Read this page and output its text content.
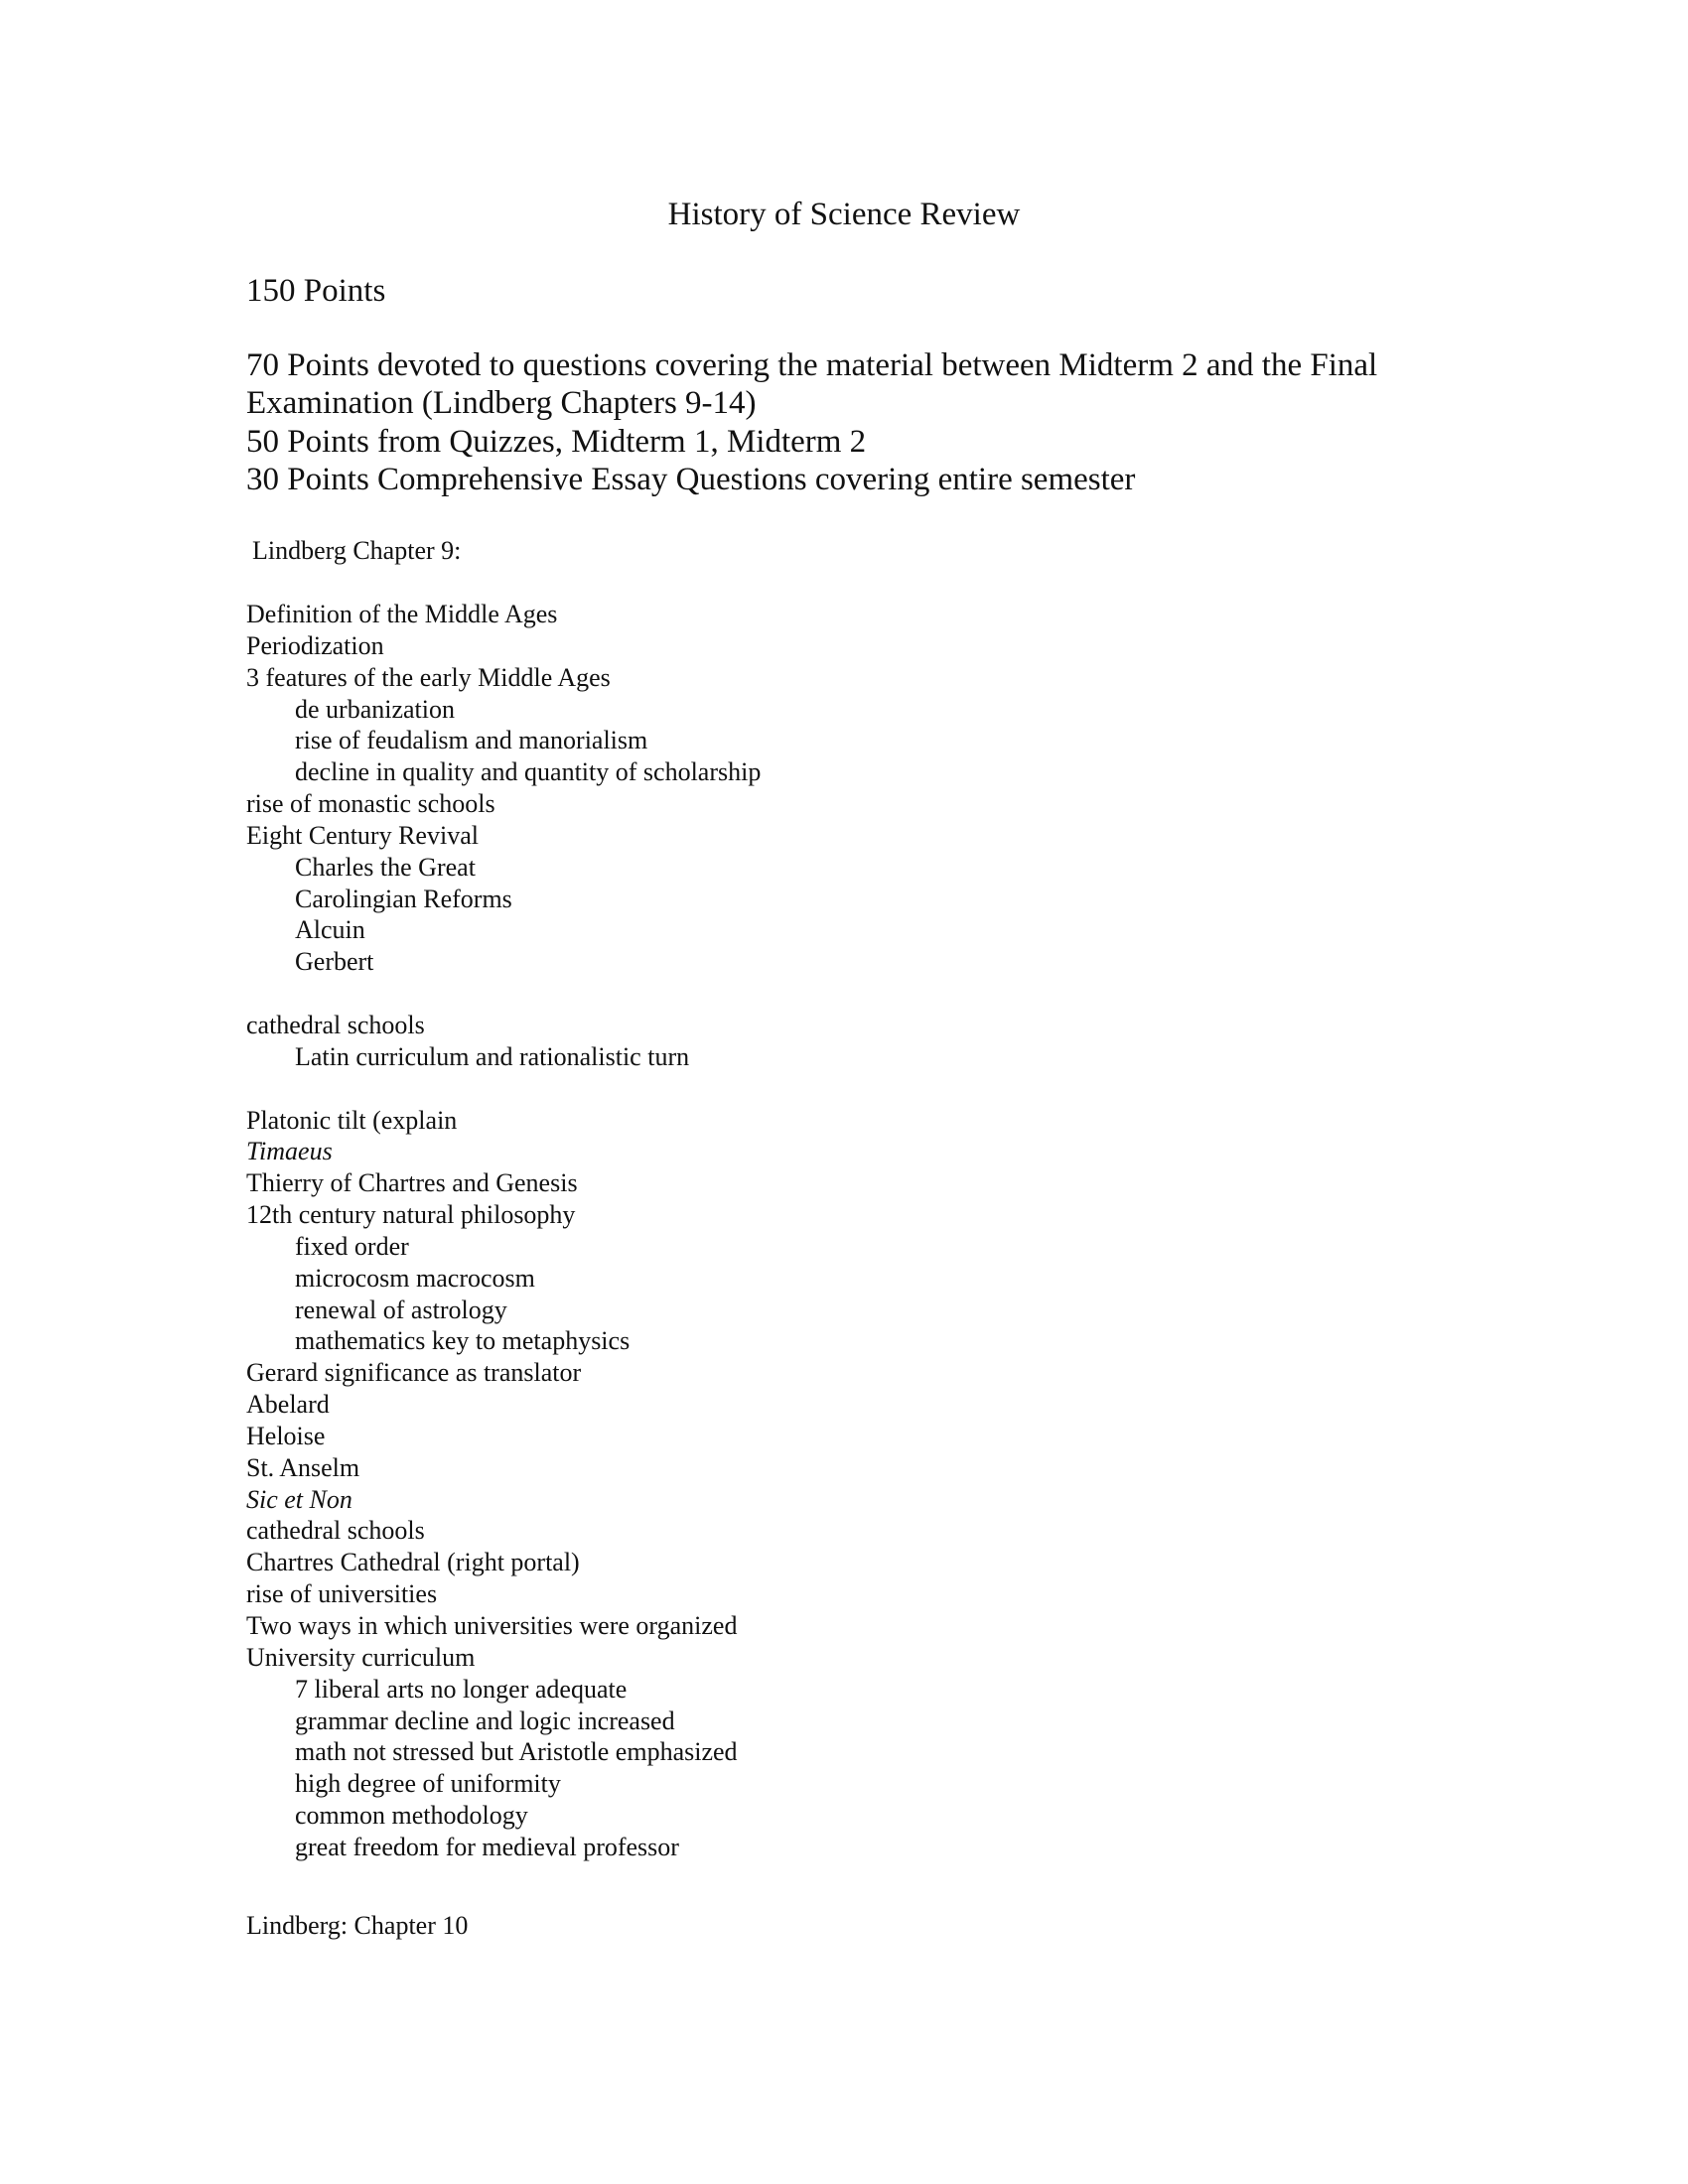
History of Science Review

150 Points

70 Points devoted to questions covering the material between Midterm 2 and the Final
Examination (Lindberg Chapters 9-14)
50 Points from Quizzes, Midterm 1, Midterm 2
30 Points Comprehensive Essay Questions covering entire semester
Lindberg Chapter 9:
Definition of the Middle Ages
Periodization
3 features of the early Middle Ages
de urbanization
rise of feudalism and manorialism
decline in quality and quantity of scholarship
rise of monastic schools
Eight Century Revival
Charles the Great
Carolingian Reforms
Alcuin
Gerbert
cathedral schools
Latin curriculum and rationalistic turn
Platonic tilt (explain
Timaeus
Thierry of Chartres and Genesis
12th century natural philosophy
fixed order
microcosm macrocosm
renewal of astrology
mathematics key to metaphysics
Gerard significance as translator
Abelard
Heloise
St. Anselm
Sic et Non
cathedral schools
Chartres Cathedral (right portal)
rise of universities
Two ways in which universities were organized
University curriculum
7 liberal arts no longer adequate
grammar decline and logic increased
math not stressed but Aristotle emphasized
high degree of uniformity
common methodology
great freedom for medieval professor
Lindberg: Chapter 10
